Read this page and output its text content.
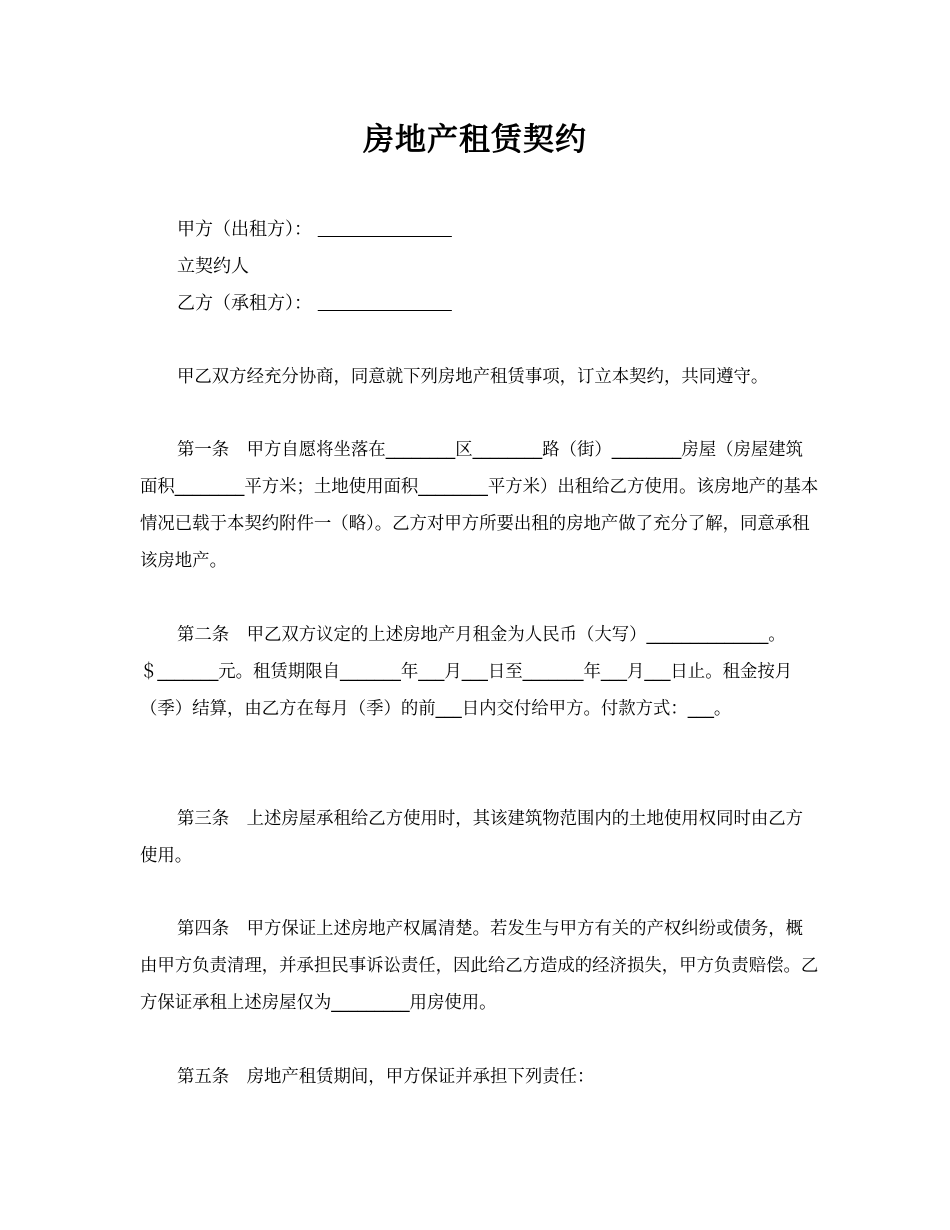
房地产租赁契约
甲方（出租方）：              　　　
立契约人
乙方（承租方）：              　　　
甲乙双方经充分协商，同意就下列房地产租赁事项，订立本契约，共同遵守。
第一条　甲方自愿将坐落在________区________路（街）________房屋（房屋建筑面积________平方米；土地使用面积________平方米）出租给乙方使用。该房地产的基本情况已载于本契约附件一（略）。乙方对甲方所要出租的房地产做了充分了解，同意承租该房地产。
第二条　甲乙双方议定的上述房地产月租金为人民币（大写）______________。＄_______元。租赁期限自_______年___月___日至_______年___月___日止。租金按月（季）结算，由乙方在每月（季）的前___日内交付给甲方。付款方式：___。
第三条　上述房屋承租给乙方使用时，其该建筑物范围内的土地使用权同时由乙方使用。
第四条　甲方保证上述房地产权属清楚。若发生与甲方有关的产权纠纷或债务，概由甲方负责清理，并承担民事诉讼责任，因此给乙方造成的经济损失，甲方负责赔偿。乙方保证承租上述房屋仅为_________用房使用。
第五条　房地产租赁期间，甲方保证并承担下列责任：
